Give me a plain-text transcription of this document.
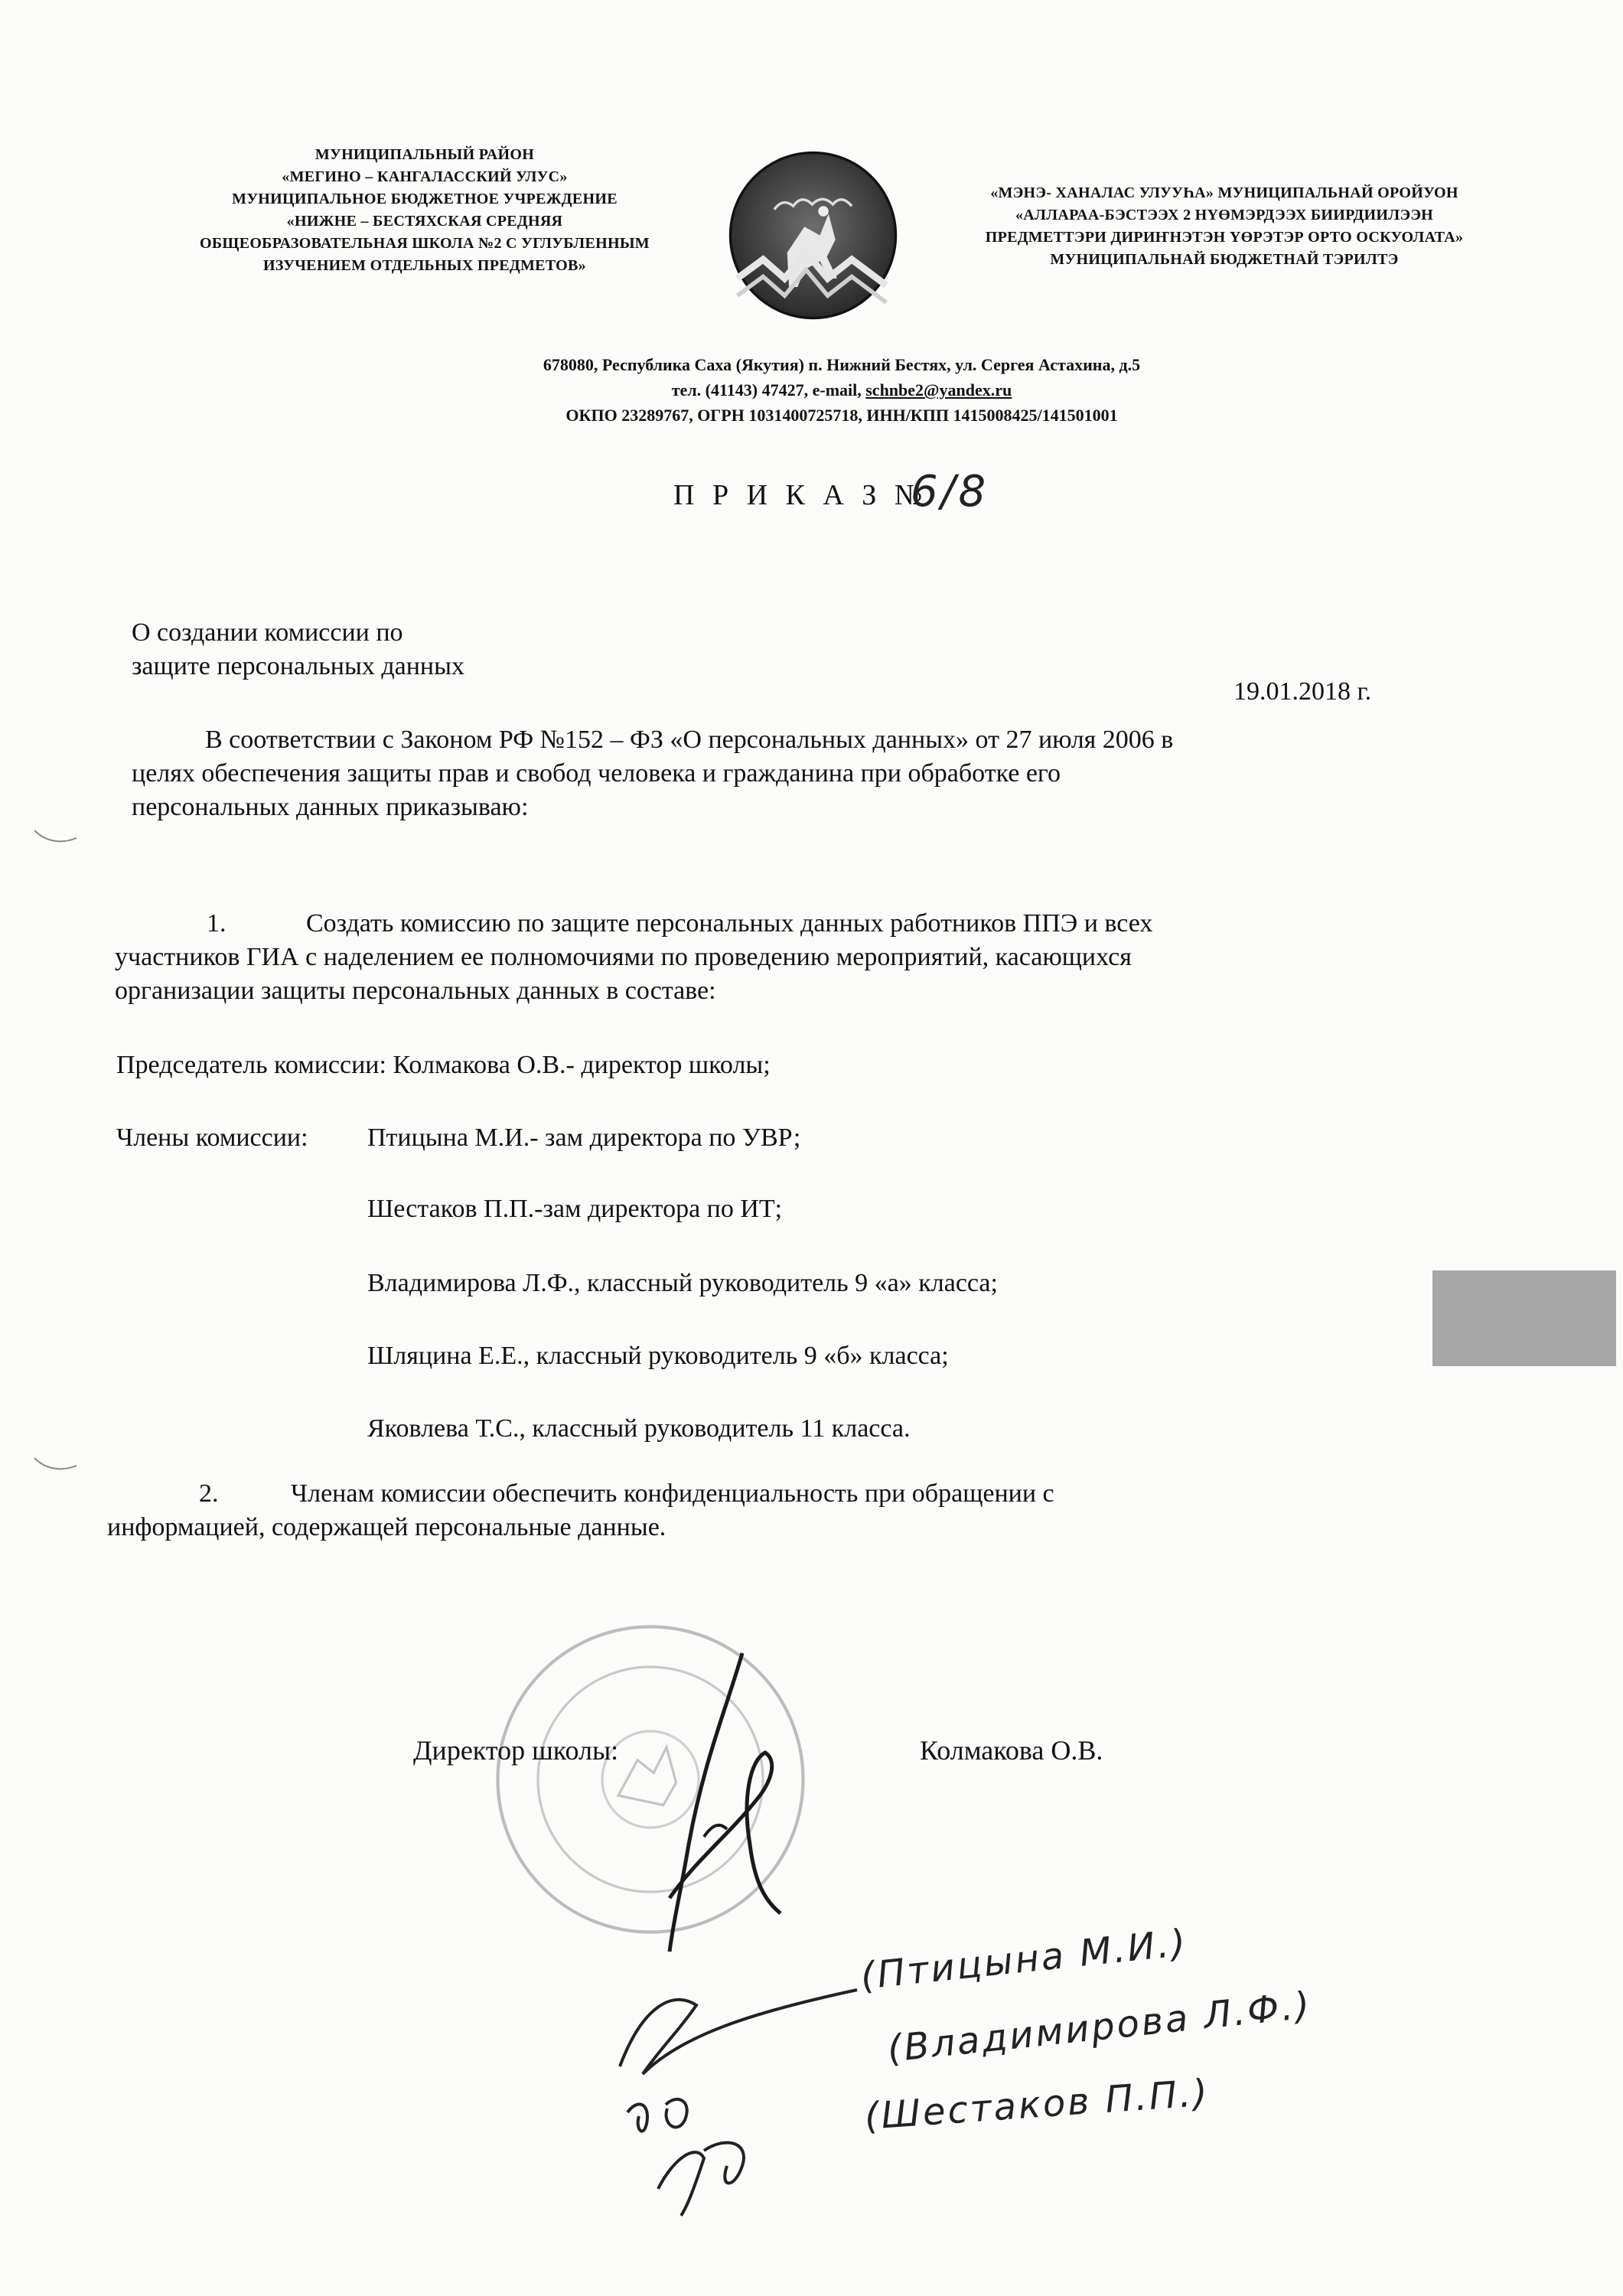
МУНИЦИПАЛЬНЫЙ РАЙОН
«МЕГИНО – КАНГАЛАССКИЙ УЛУС»
МУНИЦИПАЛЬНОЕ БЮДЖЕТНОЕ УЧРЕЖДЕНИЕ
«НИЖНЕ – БЕСТЯХСКАЯ СРЕДНЯЯ
ОБЩЕОБРАЗОВАТЕЛЬНАЯ ШКОЛА №2 С УГЛУБЛЕННЫМ
ИЗУЧЕНИЕМ ОТДЕЛЬНЫХ ПРЕДМЕТОВ»
«МЭНЭ- ХАНАЛАС УЛУУҺА» МУНИЦИПАЛЬНАЙ ОРОЙУОН
«АЛЛАРАА-БЭСТЭЭХ 2 НҮӨМЭРДЭЭХ БИИРДИИЛЭЭН
ПРЕДМЕТТЭРИ ДИРИҤНЭТЭН ҮӨРЭТЭР ОРТО ОСКУОЛАТА»
МУНИЦИПАЛЬНАЙ БЮДЖЕТНАЙ ТЭРИЛТЭ
678080, Республика Саха (Якутия) п. Нижний Бестях, ул. Сергея Астахина, д.5
тел. (41143) 47427, e-mail, schnbe2@yandex.ru
ОКПО 23289767, ОГРН 1031400725718, ИНН/КПП 1415008425/141501001
П Р И К А З №
6/8
О создании комиссии по
защите персональных данных
19.01.2018 г.
В соответствии с Законом РФ №152 – ФЗ «О персональных данных» от 27 июля 2006 в
целях обеспечения защиты прав и свобод человека и гражданина при обработке его
персональных данных приказываю:
1.	Создать комиссию по защите персональных данных работников ППЭ и всех
участников ГИА с наделением ее полномочиями по проведению мероприятий, касающихся
организации защиты персональных данных в составе:
Председатель комиссии: Колмакова О.В.- директор школы;
Члены комиссии: Птицына М.И.- зам директора по УВР;
Шестаков П.П.-зам директора по ИТ;
Владимирова Л.Ф., классный руководитель 9 «а» класса;
Шляцина Е.Е., классный руководитель 9 «б» класса;
Яковлева Т.С., классный руководитель 11 класса.
2.	Членам комиссии обеспечить конфиденциальность при обращении с
информацией, содержащей персональные данные.
Директор школы:	Колмакова О.В.
(Птицына М.И.)
(Владимирова Л.Ф.)
(Шестаков П.П.)
